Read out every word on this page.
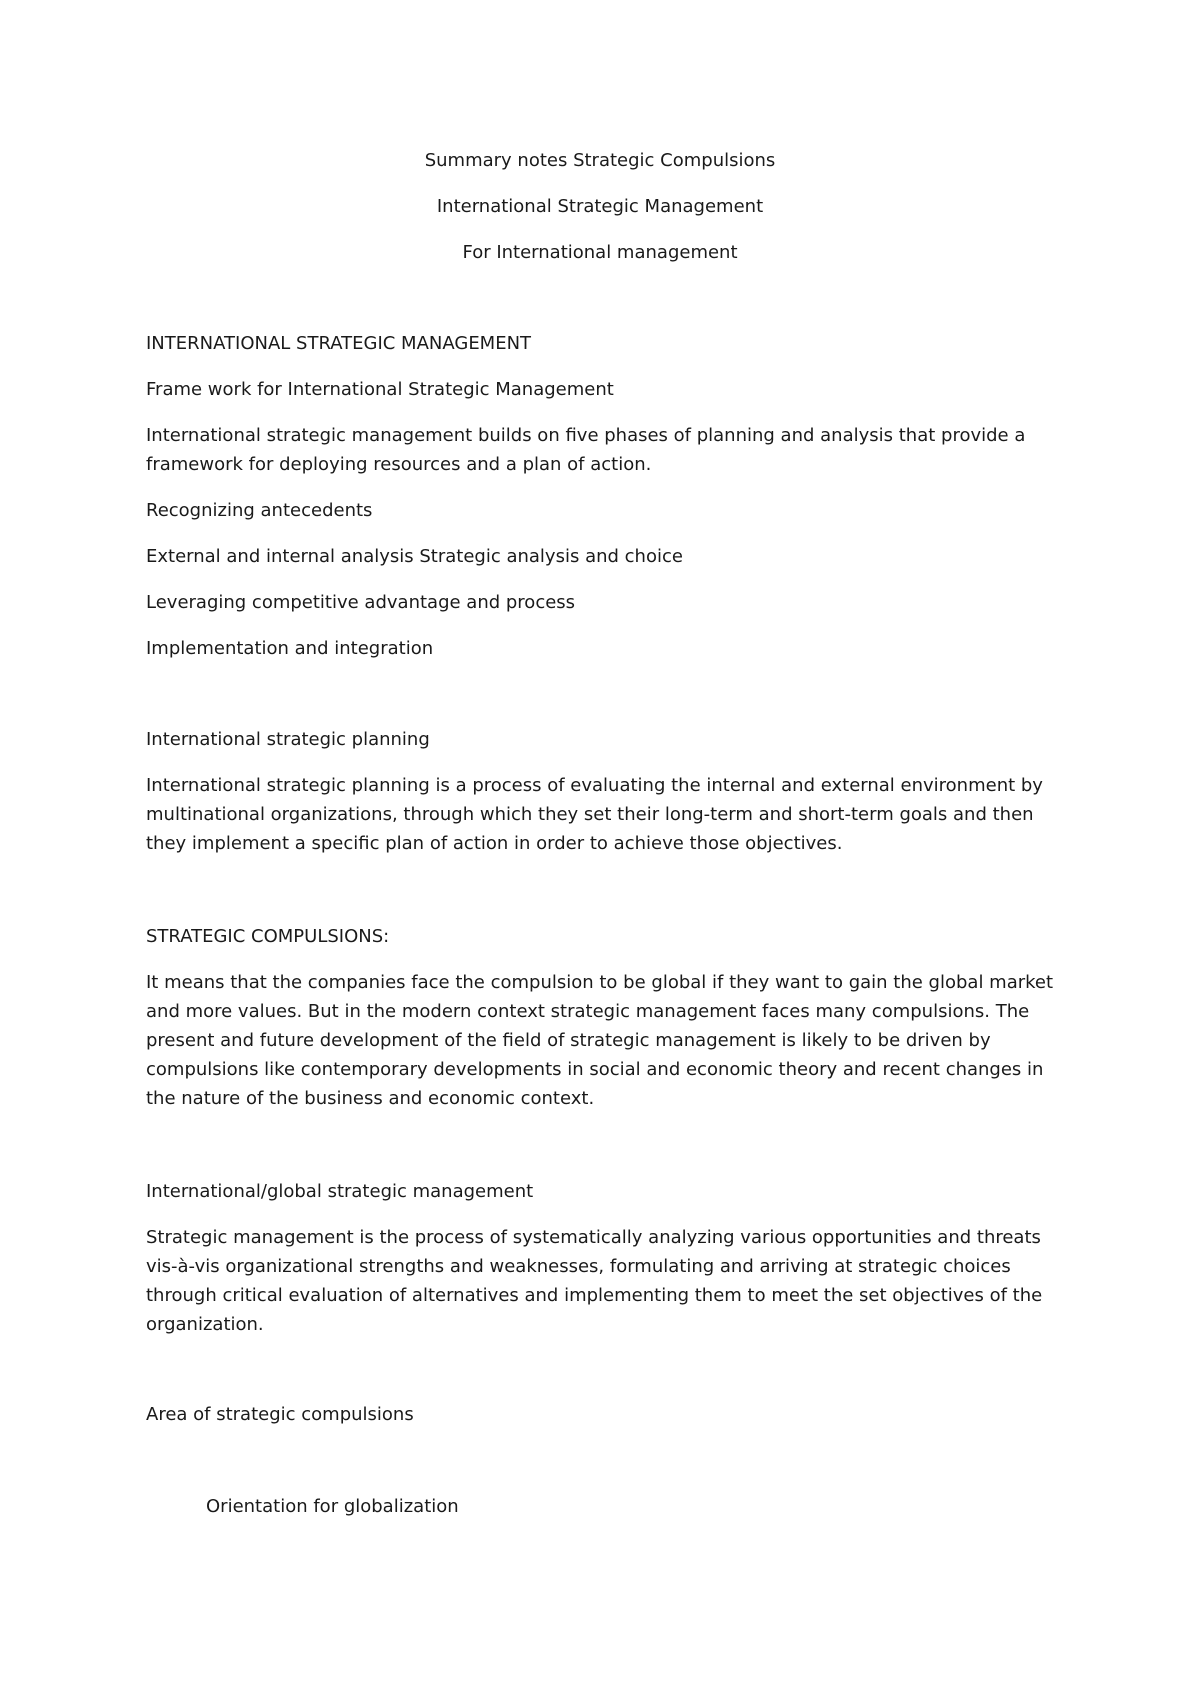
Summary notes Strategic Compulsions

International Strategic Management

For International management

INTERNATIONAL STRATEGIC MANAGEMENT

Frame work for International Strategic Management

International strategic management builds on five phases of planning and analysis that provide a
framework for deploying resources and a plan of action.

Recognizing antecedents

External and internal analysis Strategic analysis and choice

Leveraging competitive advantage and process

Implementation and integration

International strategic planning

International strategic planning is a process of evaluating the internal and external environment by
multinational organizations, through which they set their long-term and short-term goals and then
they implement a specific plan of action in order to achieve those objectives.

STRATEGIC COMPULSIONS:

It means that the companies face the compulsion to be global if they want to gain the global market
and more values. But in the modern context strategic management faces many compulsions. The
present and future development of the field of strategic management is likely to be driven by
compulsions like contemporary developments in social and economic theory and recent changes in
the nature of the business and economic context.

International/global strategic management

Strategic management is the process of systematically analyzing various opportunities and threats
vis-à-vis organizational strengths and weaknesses, formulating and arriving at strategic choices
through critical evaluation of alternatives and implementing them to meet the set objectives of the
organization.

Area of strategic compulsions

Orientation for globalization
